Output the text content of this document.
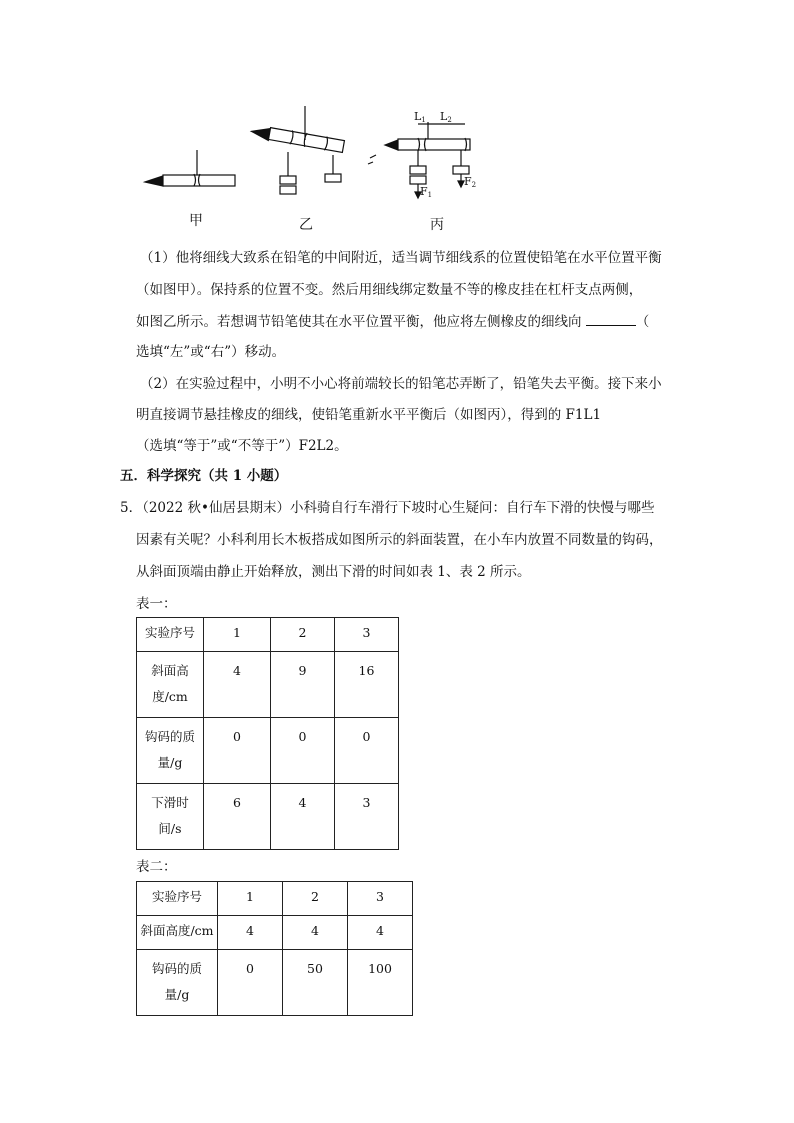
L1 L2
F1
F2
甲	乙	丙
（1）他将细线大致系在铅笔的中间附近，适当调节细线系的位置使铅笔在水平位置平衡
（如图甲）。保持系的位置不变。然后用细线绑定数量不等的橡皮挂在杠杆支点两侧，
如图乙所示。若想调节铅笔使其在水平位置平衡，他应将左侧橡皮的细线向	（
选填“左”或“右”）移动。
（2）在实验过程中，小明不小心将前端较长的铅笔芯弄断了，铅笔失去平衡。接下来小
明直接调节悬挂橡皮的细线，使铅笔重新水平平衡后（如图丙），得到的 F1L1
（选填“等于”或“不等于”）F2L2。
五．科学探究（共 1 小题）
5．（2022 秋•仙居县期末）小科骑自行车滑行下坡时心生疑问：自行车下滑的快慢与哪些
因素有关呢？小科利用长木板搭成如图所示的斜面装置，在小车内放置不同数量的钩码，
从斜面顶端由静止开始释放，测出下滑的时间如表 1、表 2 所示。
表一：
实验序号	1	2	3
斜面高度/cm	4	9	16
钩码的质量/g	0	0	0
下滑时间/s	6	4	3
表二：
实验序号	1	2	3
斜面高度/cm	4	4	4
钩码的质量/g	0	50	100
